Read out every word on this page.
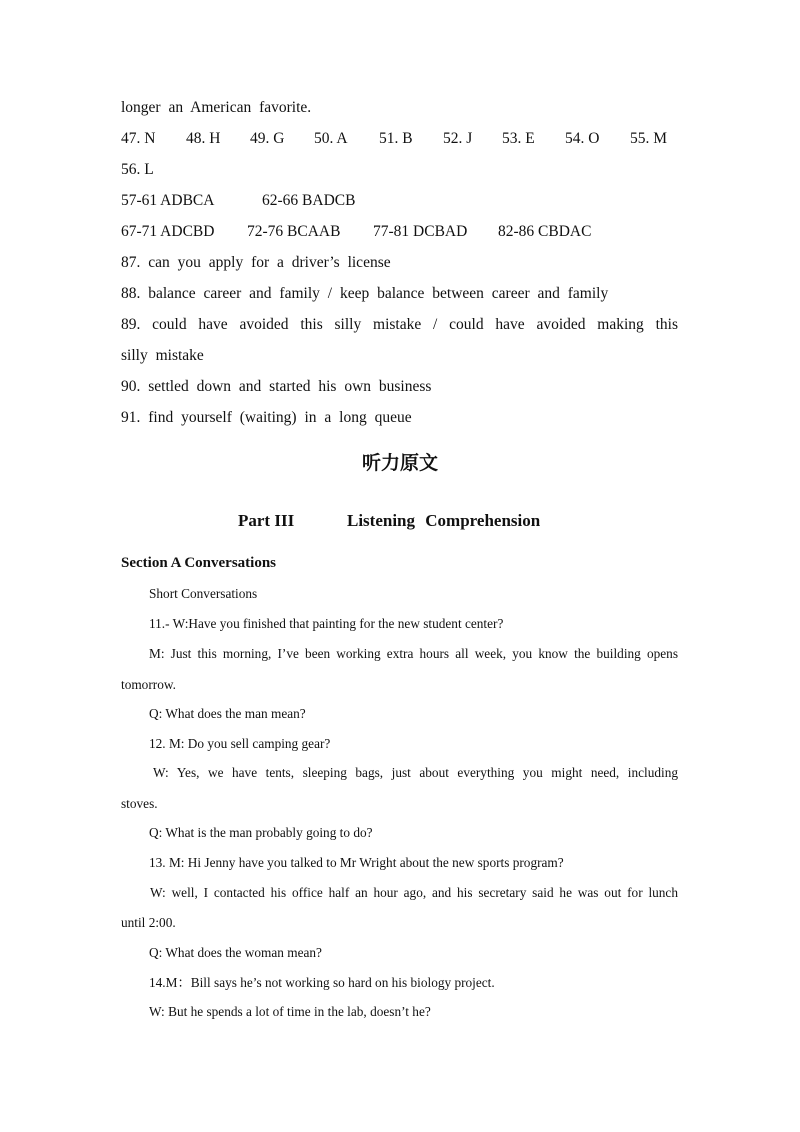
longer an American favorite.
47. N 48. H 49. G 50. A 51. B 52. J 53. E 54. O 55. M
56. L
57-61 ADBCA	62-66 BADCB
67-71 ADCBD 72-76 BCAAB 77-81 DCBAD 82-86 CBDAC
87. can you apply for a driver’s license
88. balance career and family / keep balance between career and family
89. could have avoided this silly mistake / could have avoided making this
silly mistake
90. settled down and started his own business
91. find yourself (waiting) in a long queue
听力原文
Part III	Listening Comprehension
Section A Conversations
Short Conversations
11.- W:Have you finished that painting for the new student center?
M: Just this morning, I’ve been working extra hours all week, you know the building opens
tomorrow.
Q: What does the man mean?
12. M: Do you sell camping gear?
W: Yes, we have tents, sleeping bags, just about everything you might need, including
stoves.
Q: What is the man probably going to do?
13. M: Hi Jenny have you talked to Mr Wright about the new sports program?
W: well, I contacted his office half an hour ago, and his secretary said he was out for lunch
until 2:00.
Q: What does the woman mean?
14.M：Bill says he’s not working so hard on his biology project.
W: But he spends a lot of time in the lab, doesn’t he?
